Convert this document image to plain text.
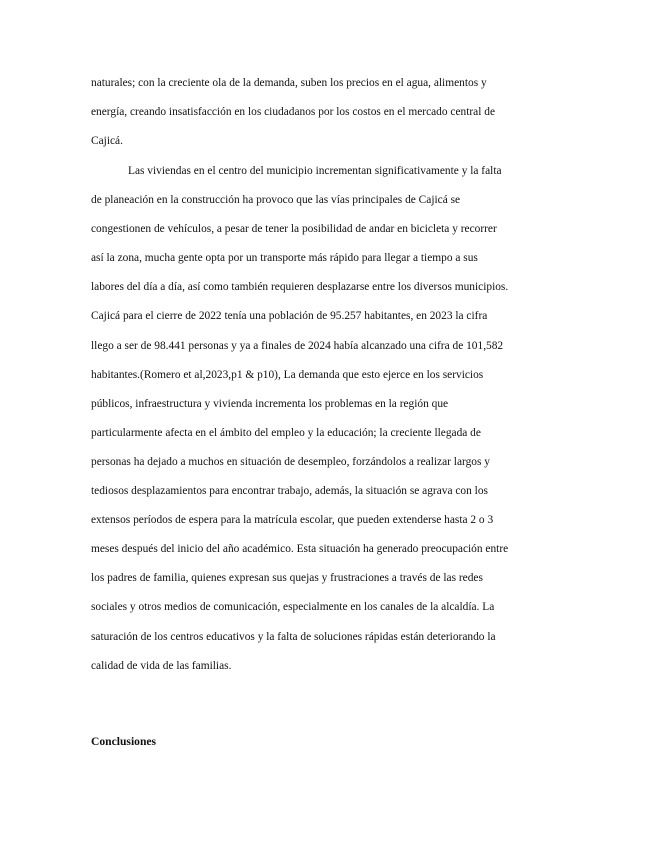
naturales; con la creciente ola de la demanda, suben los precios en el agua, alimentos y
energía, creando insatisfacción en los ciudadanos por los costos en el mercado central de
Cajicá.
Las viviendas en el centro del municipio incrementan significativamente y la falta
de planeación en la construcción ha provoco que las vías principales de Cajicá se
congestionen de vehículos, a pesar de tener la posibilidad de andar en bicicleta y recorrer
así la zona, mucha gente opta por un transporte más rápido para llegar a tiempo a sus
labores del día a día, así como también requieren desplazarse entre los diversos municipios.
Cajicá para el cierre de 2022 tenía una población de 95.257 habitantes, en 2023 la cifra
llego a ser de 98.441 personas y ya a finales de 2024 había alcanzado una cifra de 101,582
habitantes.(Romero et al,2023,p1 & p10), La demanda que esto ejerce en los servicios
públicos, infraestructura y vivienda incrementa los problemas en la región que
particularmente afecta en el ámbito del empleo y la educación; la creciente llegada de
personas ha dejado a muchos en situación de desempleo, forzándolos a realizar largos y
tediosos desplazamientos para encontrar trabajo, además, la situación se agrava con los
extensos períodos de espera para la matrícula escolar, que pueden extenderse hasta 2 o 3
meses después del inicio del año académico. Esta situación ha generado preocupación entre
los padres de familia, quienes expresan sus quejas y frustraciones a través de las redes
sociales y otros medios de comunicación, especialmente en los canales de la alcaldía. La
saturación de los centros educativos y la falta de soluciones rápidas están deteriorando la
calidad de vida de las familias.
Conclusiones
